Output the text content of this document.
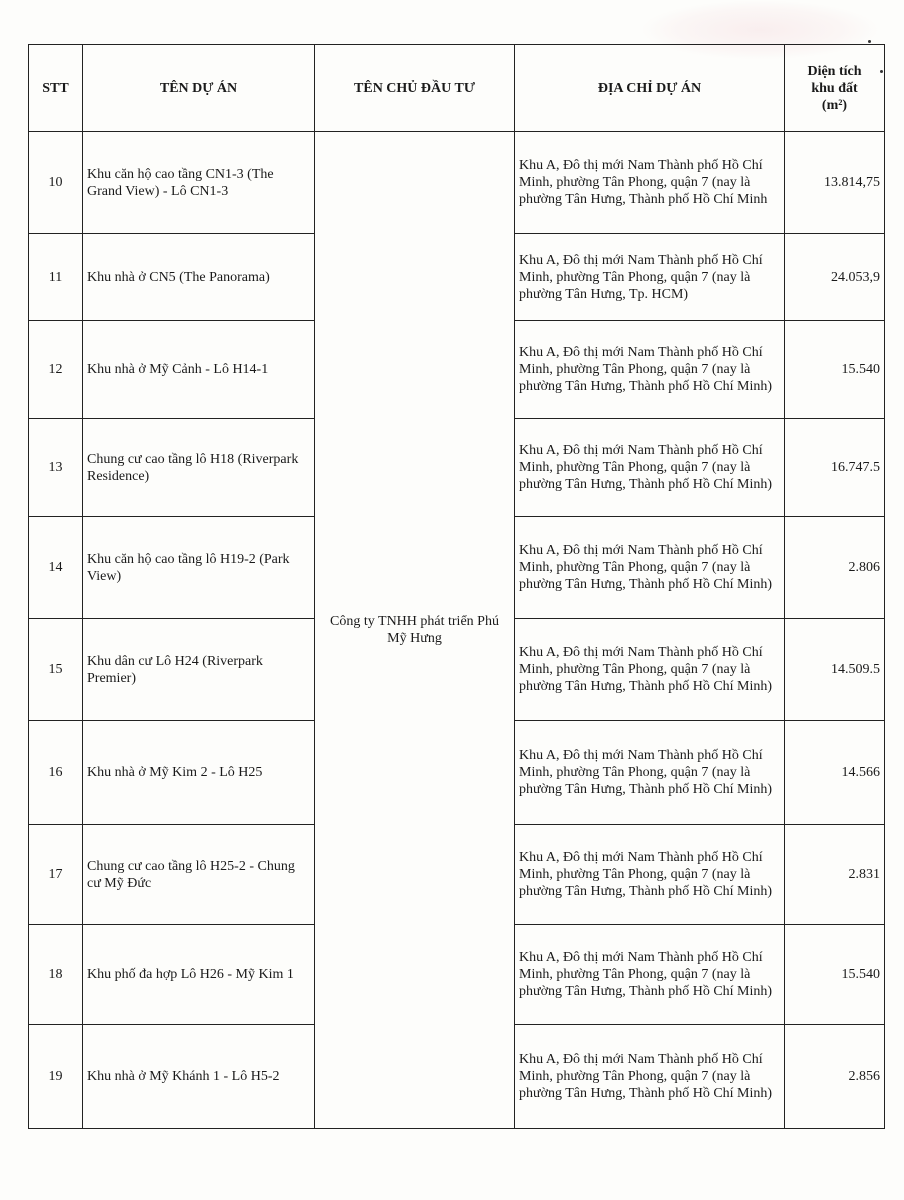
STT	TÊN DỰ ÁN	TÊN CHỦ ĐẦU TƯ	ĐỊA CHỈ DỰ ÁN	Diện tích
khu đất
(m²)
10	Khu căn hộ cao tầng CN1-3 (The Grand View) - Lô CN1-3	Công ty TNHH phát triển Phú Mỹ Hưng	Khu A, Đô thị mới Nam Thành phố Hồ Chí Minh, phường Tân Phong, quận 7 (nay là phường Tân Hưng, Thành phố Hồ Chí Minh	13.814,75
11	Khu nhà ở CN5 (The Panorama)		Khu A, Đô thị mới Nam Thành phố Hồ Chí Minh, phường Tân Phong, quận 7 (nay là phường Tân Hưng, Tp. HCM)	24.053,9
12	Khu nhà ở Mỹ Cảnh - Lô H14-1		Khu A, Đô thị mới Nam Thành phố Hồ Chí Minh, phường Tân Phong, quận 7 (nay là phường Tân Hưng, Thành phố Hồ Chí Minh)	15.540
13	Chung cư cao tầng lô H18 (Riverpark Residence)		Khu A, Đô thị mới Nam Thành phố Hồ Chí Minh, phường Tân Phong, quận 7 (nay là phường Tân Hưng, Thành phố Hồ Chí Minh)	16.747.5
14	Khu căn hộ cao tầng lô H19-2 (Park View)		Khu A, Đô thị mới Nam Thành phố Hồ Chí Minh, phường Tân Phong, quận 7 (nay là phường Tân Hưng, Thành phố Hồ Chí Minh)	2.806
15	Khu dân cư Lô H24 (Riverpark Premier)		Khu A, Đô thị mới Nam Thành phố Hồ Chí Minh, phường Tân Phong, quận 7 (nay là phường Tân Hưng, Thành phố Hồ Chí Minh)	14.509.5
16	Khu nhà ở Mỹ Kim 2 - Lô H25		Khu A, Đô thị mới Nam Thành phố Hồ Chí Minh, phường Tân Phong, quận 7 (nay là phường Tân Hưng, Thành phố Hồ Chí Minh)	14.566
17	Chung cư cao tầng lô H25-2 - Chung cư Mỹ Đức		Khu A, Đô thị mới Nam Thành phố Hồ Chí Minh, phường Tân Phong, quận 7 (nay là phường Tân Hưng, Thành phố Hồ Chí Minh)	2.831
18	Khu phố đa hợp Lô H26 - Mỹ Kim 1		Khu A, Đô thị mới Nam Thành phố Hồ Chí Minh, phường Tân Phong, quận 7 (nay là phường Tân Hưng, Thành phố Hồ Chí Minh)	15.540
19	Khu nhà ở Mỹ Khánh 1 - Lô H5-2		Khu A, Đô thị mới Nam Thành phố Hồ Chí Minh, phường Tân Phong, quận 7 (nay là phường Tân Hưng, Thành phố Hồ Chí Minh)	2.856
